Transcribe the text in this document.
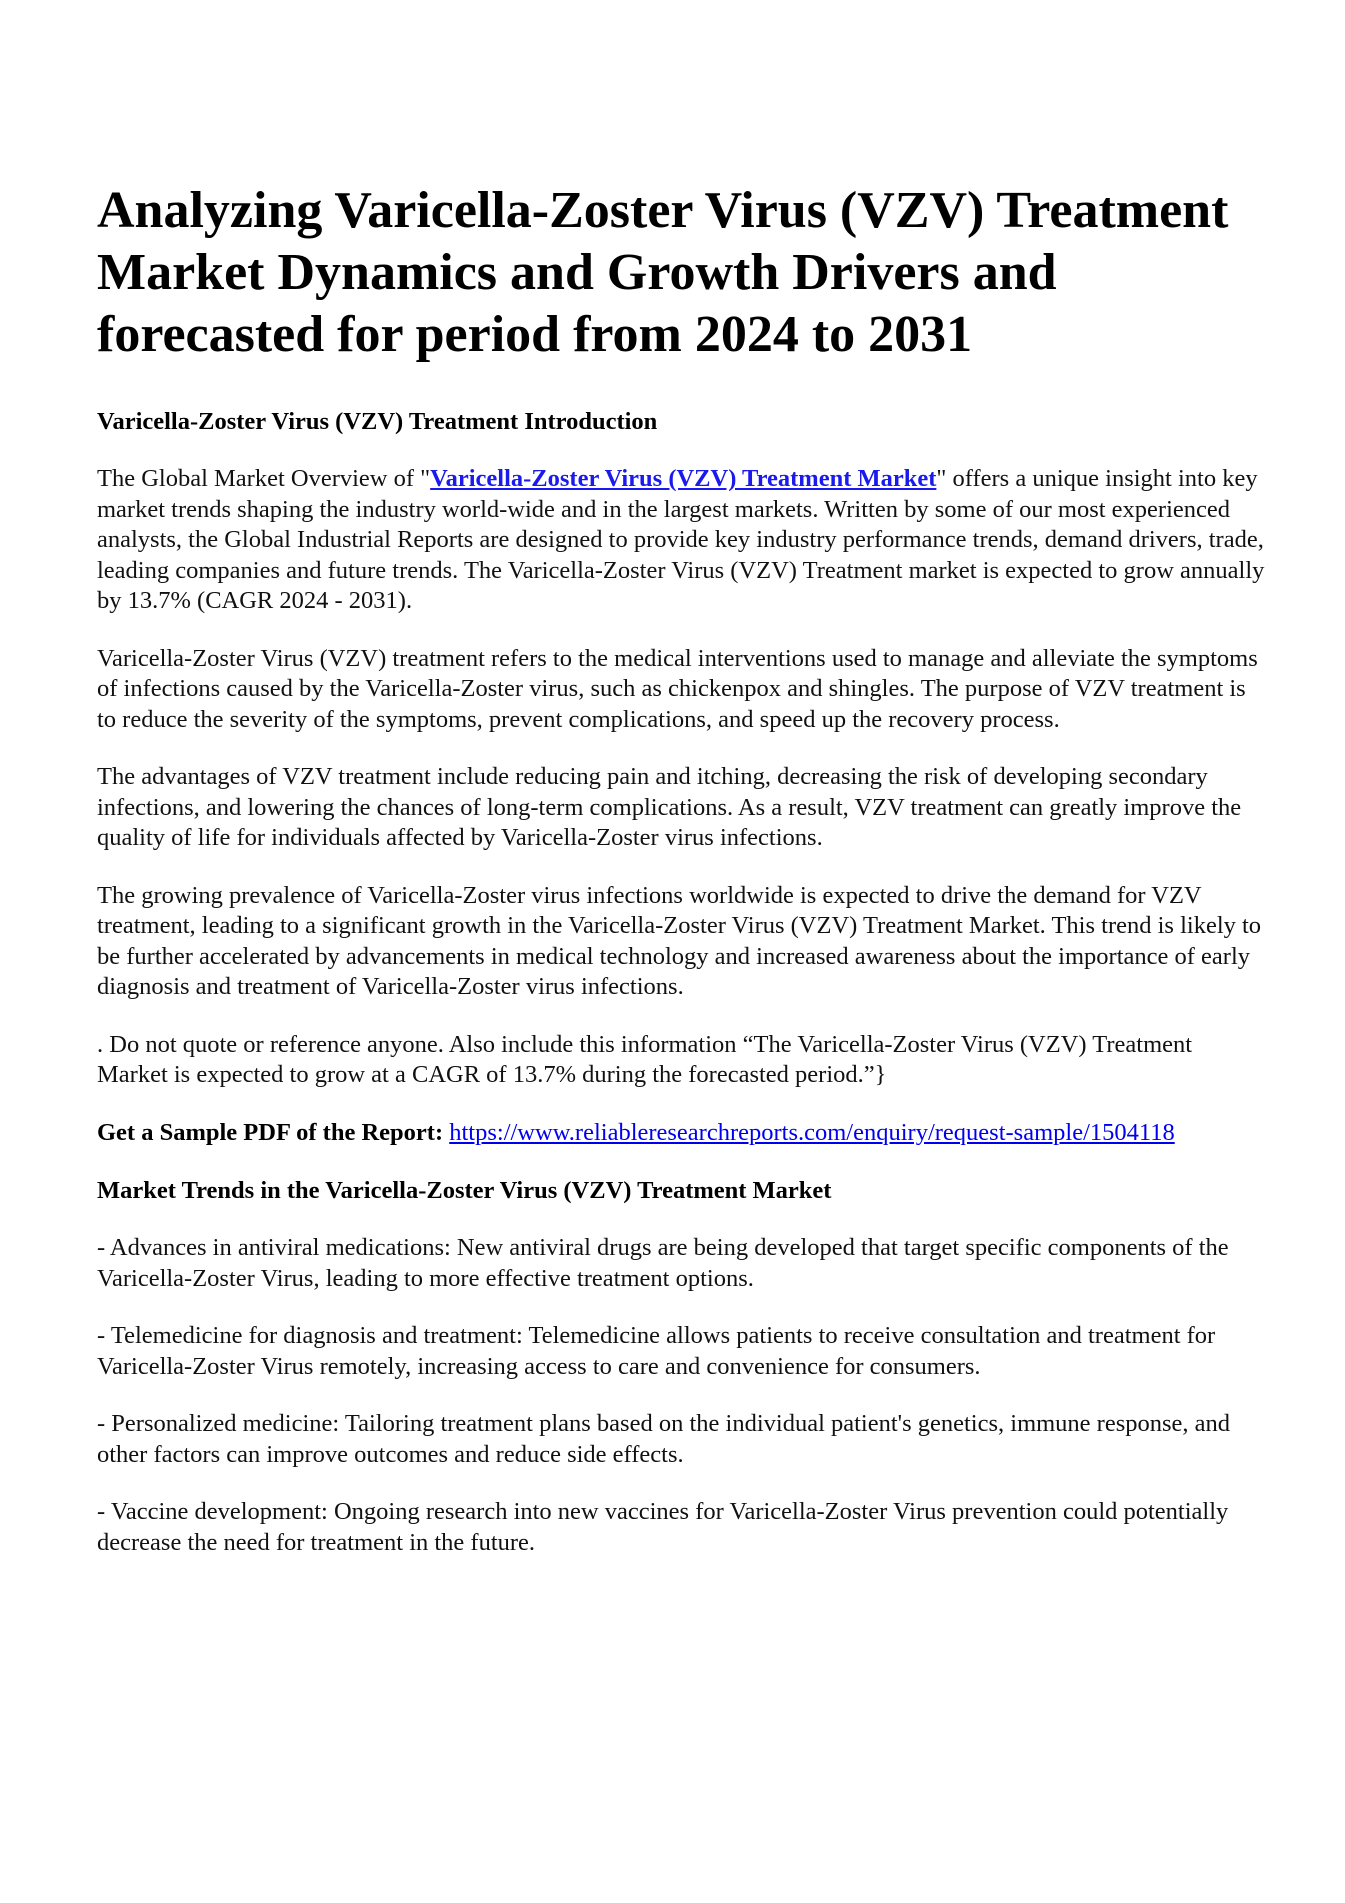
Analyzing Varicella-Zoster Virus (VZV) Treatment Market Dynamics and Growth Drivers and forecasted for period from 2024 to 2031
Varicella-Zoster Virus (VZV) Treatment Introduction

The Global Market Overview of "Varicella-Zoster Virus (VZV) Treatment Market" offers a unique insight into key market trends shaping the industry world-wide and in the largest markets. Written by some of our most experienced analysts, the Global Industrial Reports are designed to provide key industry performance trends, demand drivers, trade, leading companies and future trends. The Varicella-Zoster Virus (VZV) Treatment market is expected to grow annually by 13.7% (CAGR 2024 - 2031).

Varicella-Zoster Virus (VZV) treatment refers to the medical interventions used to manage and alleviate the symptoms of infections caused by the Varicella-Zoster virus, such as chickenpox and shingles. The purpose of VZV treatment is to reduce the severity of the symptoms, prevent complications, and speed up the recovery process.

The advantages of VZV treatment include reducing pain and itching, decreasing the risk of developing secondary infections, and lowering the chances of long-term complications. As a result, VZV treatment can greatly improve the quality of life for individuals affected by Varicella-Zoster virus infections.

The growing prevalence of Varicella-Zoster virus infections worldwide is expected to drive the demand for VZV treatment, leading to a significant growth in the Varicella-Zoster Virus (VZV) Treatment Market. This trend is likely to be further accelerated by advancements in medical technology and increased awareness about the importance of early diagnosis and treatment of Varicella-Zoster virus infections.

. Do not quote or reference anyone. Also include this information “The Varicella-Zoster Virus (VZV) Treatment Market is expected to grow at a CAGR of 13.7% during the forecasted period.”}

Get a Sample PDF of the Report: https://www.reliableresearchreports.com/enquiry/request-sample/1504118

Market Trends in the Varicella-Zoster Virus (VZV) Treatment Market

- Advances in antiviral medications: New antiviral drugs are being developed that target specific components of the Varicella-Zoster Virus, leading to more effective treatment options.

- Telemedicine for diagnosis and treatment: Telemedicine allows patients to receive consultation and treatment for Varicella-Zoster Virus remotely, increasing access to care and convenience for consumers.

- Personalized medicine: Tailoring treatment plans based on the individual patient's genetics, immune response, and other factors can improve outcomes and reduce side effects.

- Vaccine development: Ongoing research into new vaccines for Varicella-Zoster Virus prevention could potentially decrease the need for treatment in the future.
